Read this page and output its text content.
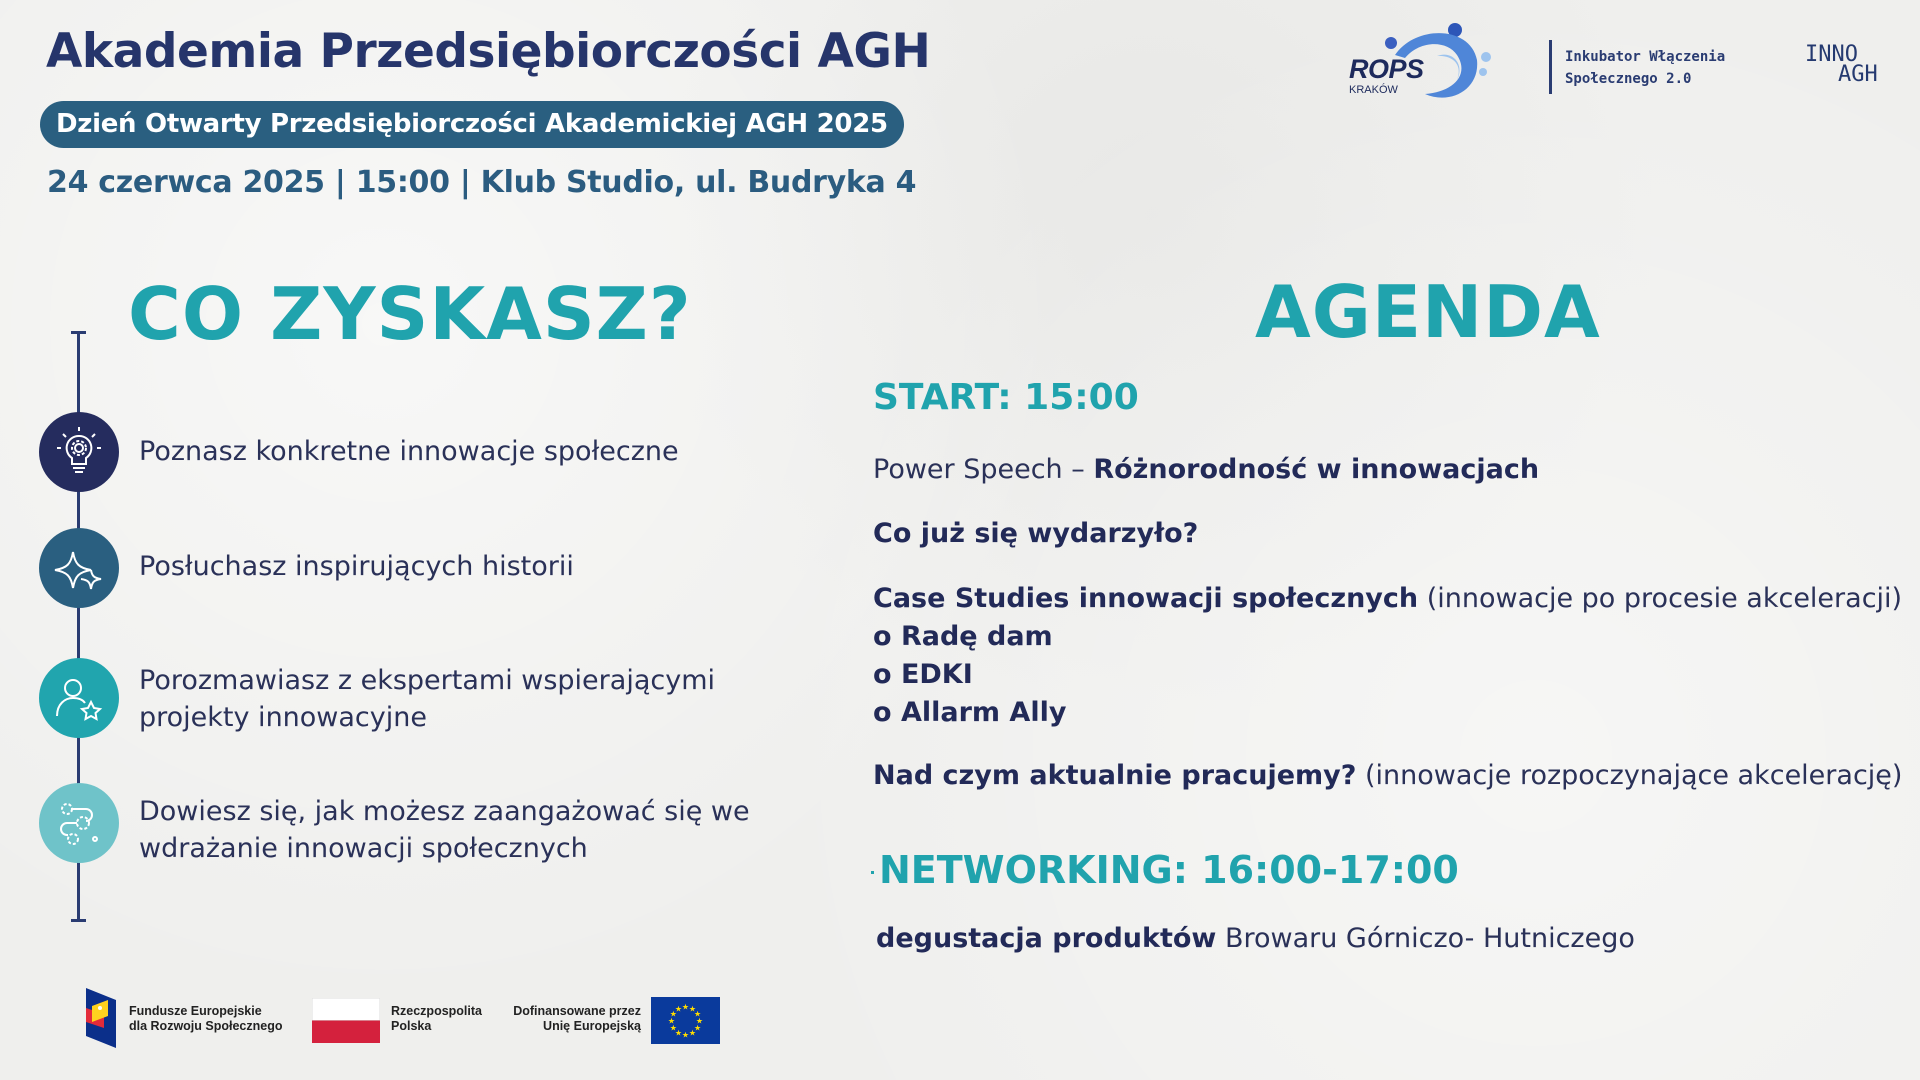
Akademia Przedsiębiorczości AGH
Dzień Otwarty Przedsiębiorczości Akademickiej AGH 2025
24 czerwca 2025 | 15:00 | Klub Studio, ul. Budryka 4
ROPS
KRAKÓW
Inkubator Włączenia
Społecznego 2.0
INNO
AGH
CO ZYSKASZ?
Poznasz konkretne innowacje społeczne
Posłuchasz inspirujących historii
Porozmawiasz z ekspertami wspierającymi projekty innowacyjne
Dowiesz się, jak możesz zaangażować się we wdrażanie innowacji społecznych
AGENDA
START: 15:00
Power Speech – Różnorodność w innowacjach
Co już się wydarzyło?
Case Studies innowacji społecznych (innowacje po procesie akceleracji)
o Radę dam
o EDKI
o Allarm Ally
Nad czym aktualnie pracujemy? (innowacje rozpoczynające akcelerację)
NETWORKING: 16:00-17:00
degustacja produktów Browaru Górniczo- Hutniczego
Fundusze Europejskie
dla Rozwoju Społecznego
Rzeczpospolita
Polska
Dofinansowane przez
Unię Europejską
★ ★
★
★
★
★
★
★
★
★
★
★
